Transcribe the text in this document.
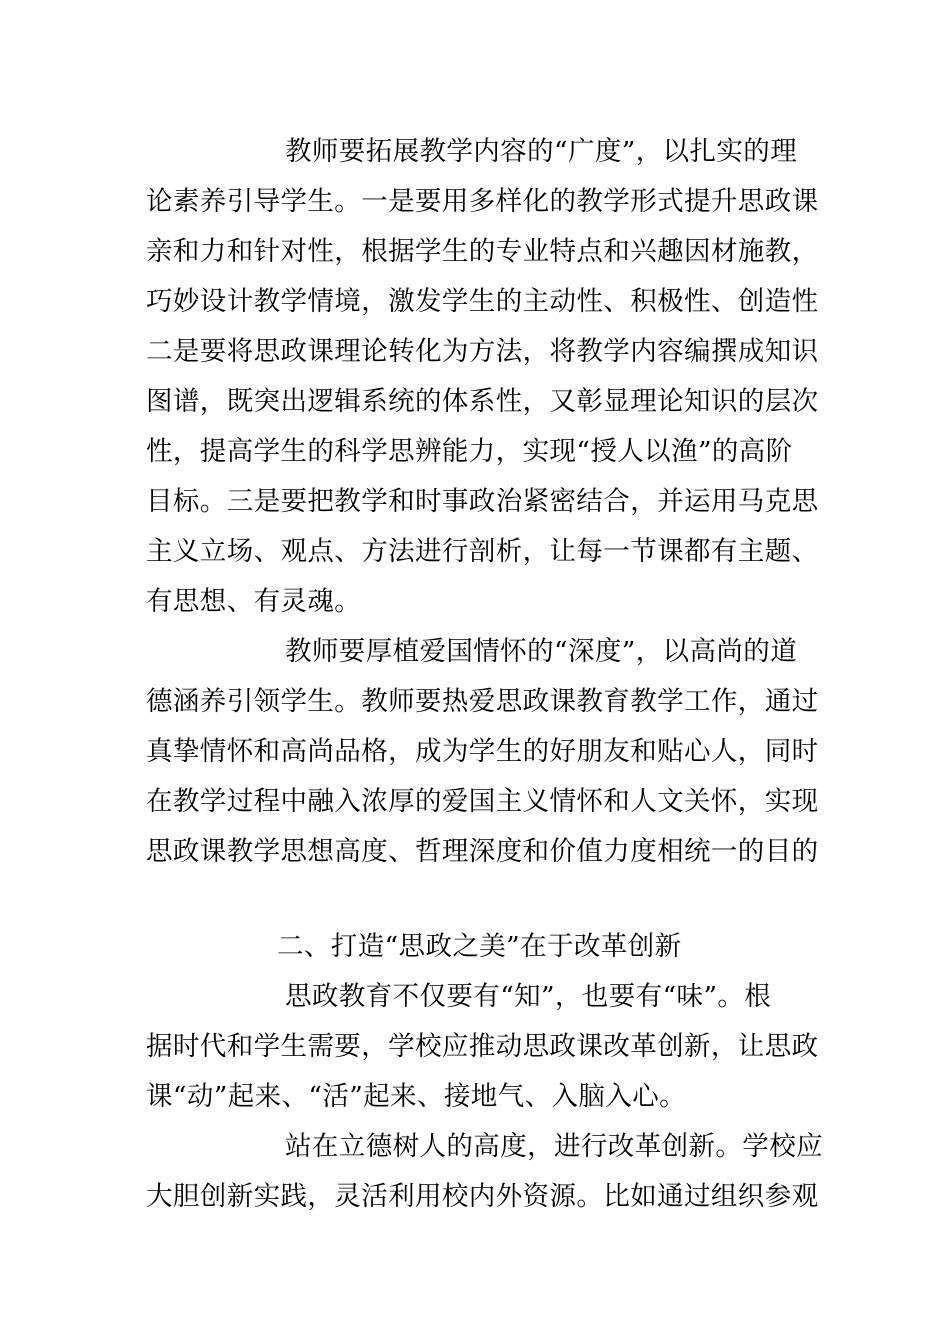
教师要拓展教学内容的“广度”，以扎实的理
论素养引导学生。一是要用多样化的教学形式提升思政课
亲和力和针对性，根据学生的专业特点和兴趣因材施教，
巧妙设计教学情境，激发学生的主动性、积极性、创造性
二是要将思政课理论转化为方法，将教学内容编撰成知识
图谱，既突出逻辑系统的体系性，又彰显理论知识的层次
性，提高学生的科学思辨能力，实现“授人以渔”的高阶
目标。三是要把教学和时事政治紧密结合，并运用马克思
主义立场、观点、方法进行剖析，让每一节课都有主题、
有思想、有灵魂。
教师要厚植爱国情怀的“深度”，以高尚的道
德涵养引领学生。教师要热爱思政课教育教学工作，通过
真挚情怀和高尚品格，成为学生的好朋友和贴心人，同时
在教学过程中融入浓厚的爱国主义情怀和人文关怀，实现
思政课教学思想高度、哲理深度和价值力度相统一的目的
二、打造“思政之美”在于改革创新
思政教育不仅要有“知”，也要有“味”。根
据时代和学生需要，学校应推动思政课改革创新，让思政
课“动”起来、“活”起来、接地气、入脑入心。
站在立德树人的高度，进行改革创新。学校应
大胆创新实践，灵活利用校内外资源。比如通过组织参观
